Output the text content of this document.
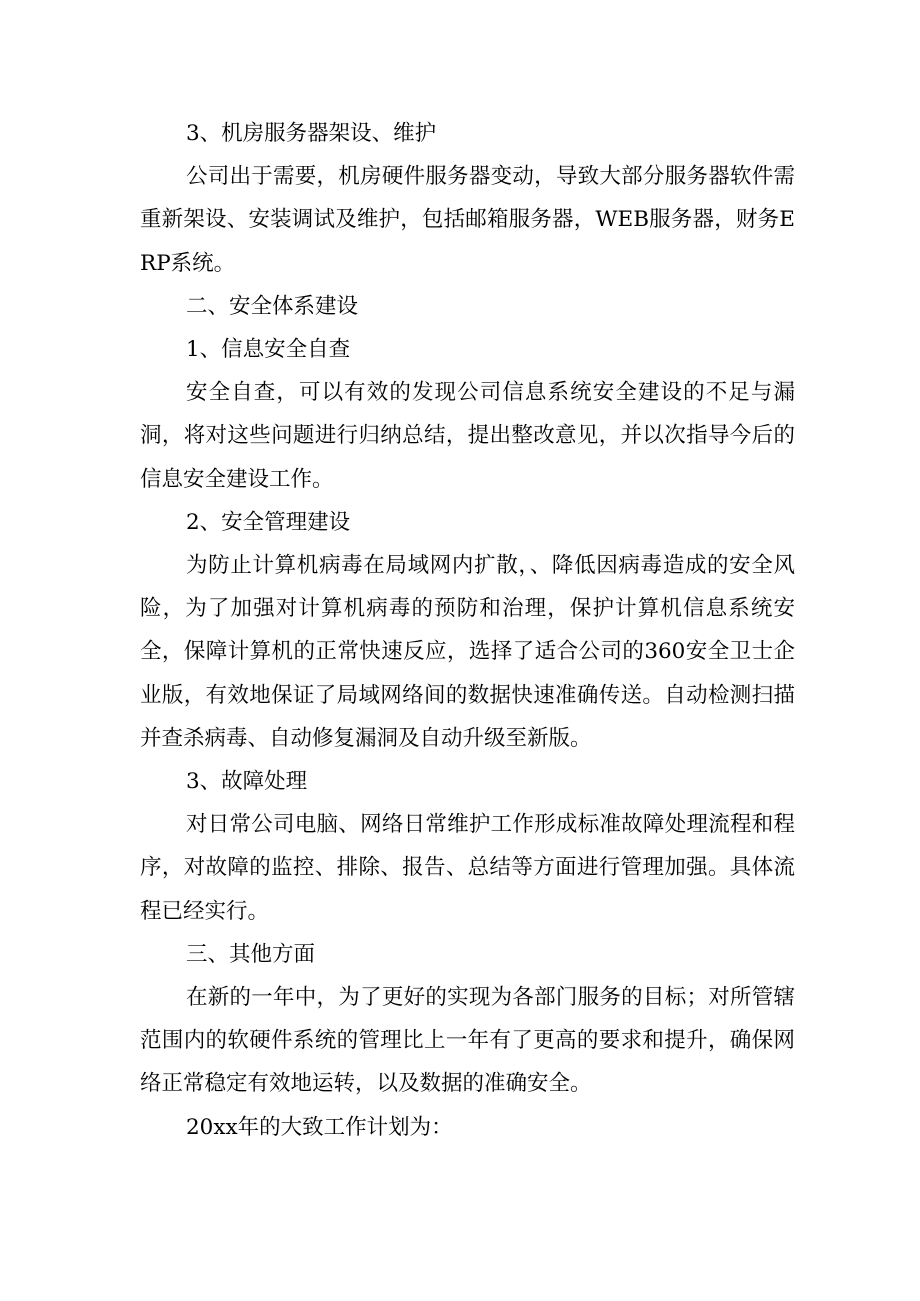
3、机房服务器架设、维护

公司出于需要，机房硬件服务器变动，导致大部分服务器软件需重新架设、安装调试及维护，包括邮箱服务器，WEB服务器，财务ERP系统。

二、安全体系建设

1、信息安全自查

安全自查，可以有效的发现公司信息系统安全建设的不足与漏洞，将对这些问题进行归纳总结，提出整改意见，并以次指导今后的信息安全建设工作。

2、安全管理建设

为防止计算机病毒在局域网内扩散，、降低因病毒造成的安全风险，为了加强对计算机病毒的预防和治理，保护计算机信息系统安全，保障计算机的正常快速反应，选择了适合公司的360安全卫士企业版，有效地保证了局域网络间的数据快速准确传送。自动检测扫描并查杀病毒、自动修复漏洞及自动升级至新版。

3、故障处理

对日常公司电脑、网络日常维护工作形成标准故障处理流程和程序，对故障的监控、排除、报告、总结等方面进行管理加强。具体流程已经实行。

三、其他方面

在新的一年中，为了更好的实现为各部门服务的目标；对所管辖范围内的软硬件系统的管理比上一年有了更高的要求和提升，确保网络正常稳定有效地运转，以及数据的准确安全。

20xx年的大致工作计划为：
